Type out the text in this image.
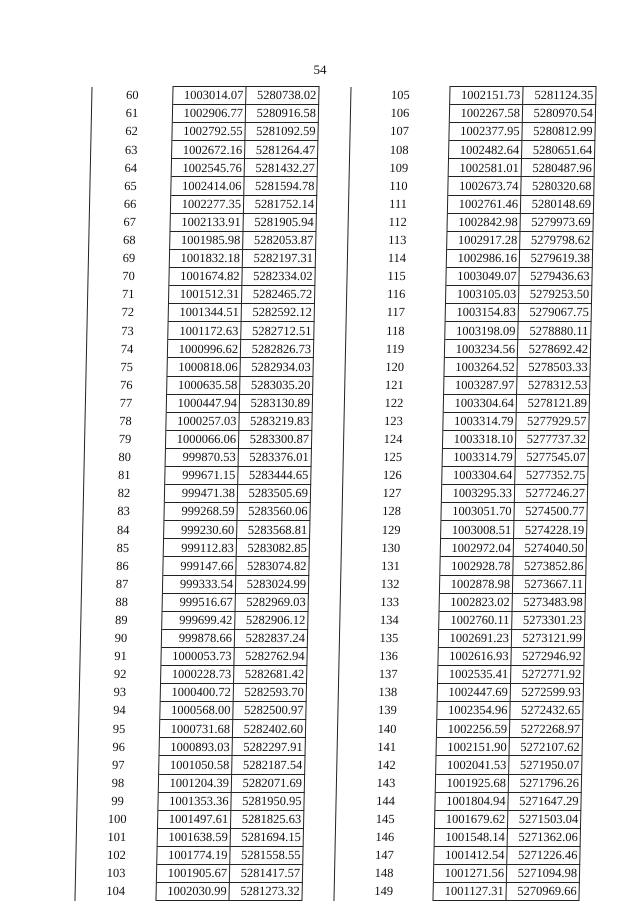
54
60	1003014.07	5280738.02
61	1002906.77	5280916.58
62	1002792.55	5281092.59
63	1002672.16	5281264.47
64	1002545.76	5281432.27
65	1002414.06	5281594.78
66	1002277.35	5281752.14
67	1002133.91	5281905.94
68	1001985.98	5282053.87
69	1001832.18	5282197.31
70	1001674.82	5282334.02
71	1001512.31	5282465.72
72	1001344.51	5282592.12
73	1001172.63	5282712.51
74	1000996.62	5282826.73
75	1000818.06	5282934.03
76	1000635.58	5283035.20
77	1000447.94	5283130.89
78	1000257.03	5283219.83
79	1000066.06	5283300.87
80	999870.53	5283376.01
81	999671.15	5283444.65
82	999471.38	5283505.69
83	999268.59	5283560.06
84	999230.60	5283568.81
85	999112.83	5283082.85
86	999147.66	5283074.82
87	999333.54	5283024.99
88	999516.67	5282969.03
89	999699.42	5282906.12
90	999878.66	5282837.24
91	1000053.73	5282762.94
92	1000228.73	5282681.42
93	1000400.72	5282593.70
94	1000568.00	5282500.97
95	1000731.68	5282402.60
96	1000893.03	5282297.91
97	1001050.58	5282187.54
98	1001204.39	5282071.69
99	1001353.36	5281950.95
100	1001497.61	5281825.63
101	1001638.59	5281694.15
102	1001774.19	5281558.55
103	1001905.67	5281417.57
104	1002030.99	5281273.32
105	1002151.73	5281124.35
106	1002267.58	5280970.54
107	1002377.95	5280812.99
108	1002482.64	5280651.64
109	1002581.01	5280487.96
110	1002673.74	5280320.68
111	1002761.46	5280148.69
112	1002842.98	5279973.69
113	1002917.28	5279798.62
114	1002986.16	5279619.38
115	1003049.07	5279436.63
116	1003105.03	5279253.50
117	1003154.83	5279067.75
118	1003198.09	5278880.11
119	1003234.56	5278692.42
120	1003264.52	5278503.33
121	1003287.97	5278312.53
122	1003304.64	5278121.89
123	1003314.79	5277929.57
124	1003318.10	5277737.32
125	1003314.79	5277545.07
126	1003304.64	5277352.75
127	1003295.33	5277246.27
128	1003051.70	5274500.77
129	1003008.51	5274228.19
130	1002972.04	5274040.50
131	1002928.78	5273852.86
132	1002878.98	5273667.11
133	1002823.02	5273483.98
134	1002760.11	5273301.23
135	1002691.23	5273121.99
136	1002616.93	5272946.92
137	1002535.41	5272771.92
138	1002447.69	5272599.93
139	1002354.96	5272432.65
140	1002256.59	5272268.97
141	1002151.90	5272107.62
142	1002041.53	5271950.07
143	1001925.68	5271796.26
144	1001804.94	5271647.29
145	1001679.62	5271503.04
146	1001548.14	5271362.06
147	1001412.54	5271226.46
148	1001271.56	5271094.98
149	1001127.31	5270969.66
